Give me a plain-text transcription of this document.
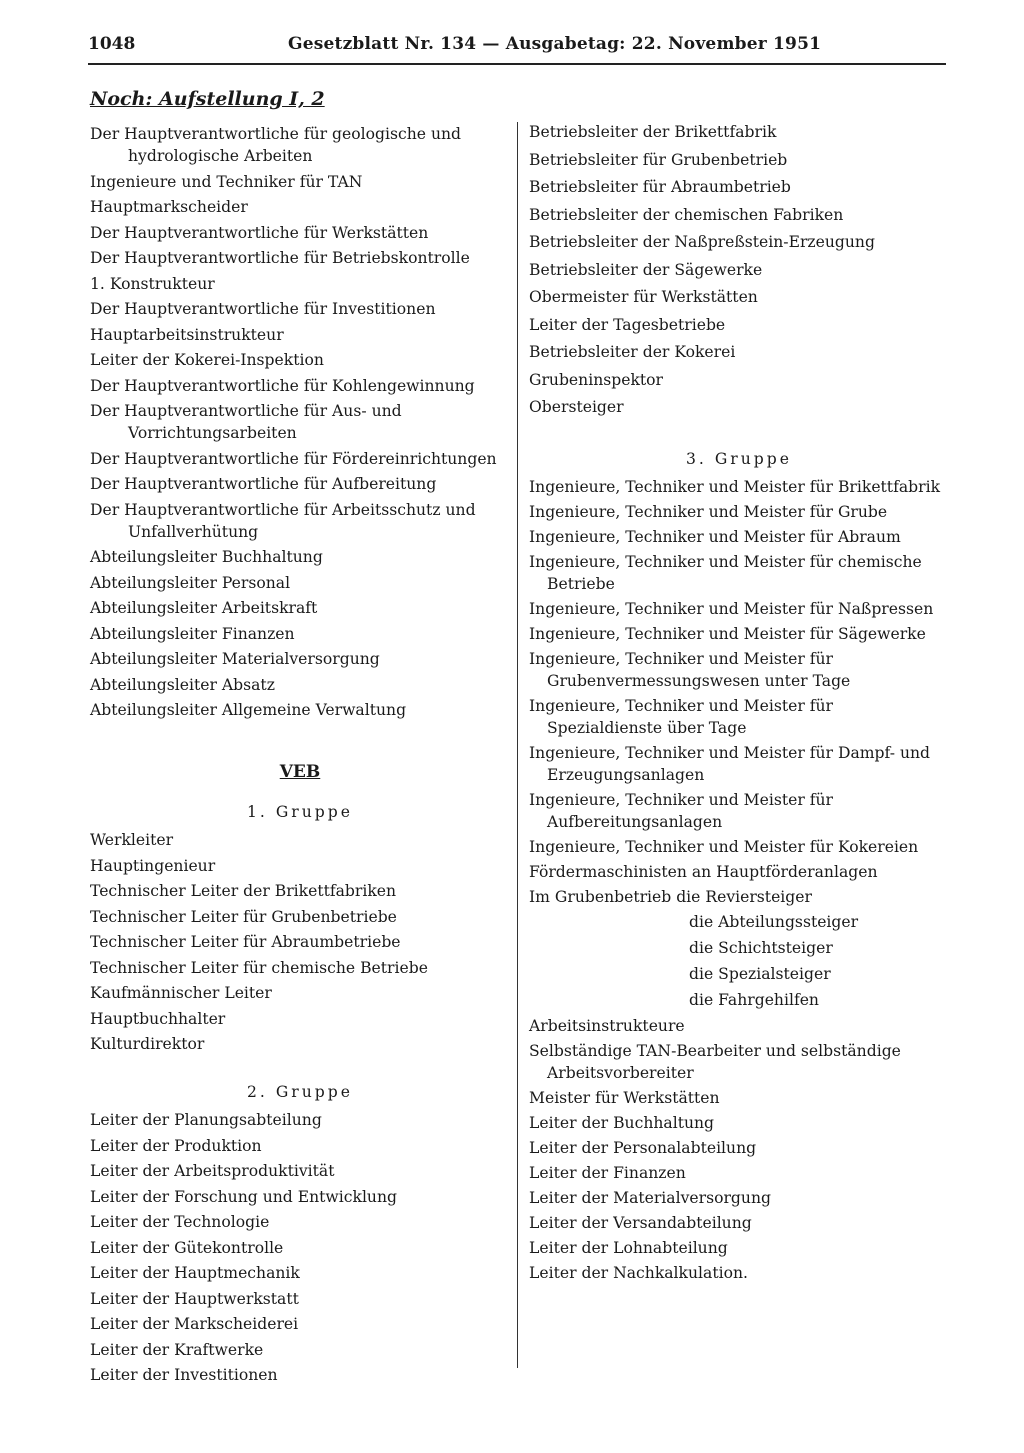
1048	Gesetzblatt Nr. 134 — Ausgabetag: 22. November 1951
Noch: Aufstellung I, 2
Der Hauptverantwortliche für geologische und hydrologische Arbeiten
Ingenieure und Techniker für TAN
Hauptmarkscheider
Der Hauptverantwortliche für Werkstätten
Der Hauptverantwortliche für Betriebskontrolle
1. Konstrukteur
Der Hauptverantwortliche für Investitionen
Hauptarbeitsinstrukteur
Leiter der Kokerei-Inspektion
Der Hauptverantwortliche für Kohlengewinnung
Der Hauptverantwortliche für Aus- und Vorrichtungsarbeiten
Der Hauptverantwortliche für Fördereinrichtungen
Der Hauptverantwortliche für Aufbereitung
Der Hauptverantwortliche für Arbeitsschutz und Unfallverhütung
Abteilungsleiter Buchhaltung
Abteilungsleiter Personal
Abteilungsleiter Arbeitskraft
Abteilungsleiter Finanzen
Abteilungsleiter Materialversorgung
Abteilungsleiter Absatz
Abteilungsleiter Allgemeine Verwaltung
VEB
1. Gruppe
Werkleiter
Hauptingenieur
Technischer Leiter der Brikettfabriken
Technischer Leiter für Grubenbetriebe
Technischer Leiter für Abraumbetriebe
Technischer Leiter für chemische Betriebe
Kaufmännischer Leiter
Hauptbuchhalter
Kulturdirektor
2. Gruppe
Leiter der Planungsabteilung
Leiter der Produktion
Leiter der Arbeitsproduktivität
Leiter der Forschung und Entwicklung
Leiter der Technologie
Leiter der Gütekontrolle
Leiter der Hauptmechanik
Leiter der Hauptwerkstatt
Leiter der Markscheiderei
Leiter der Kraftwerke
Leiter der Investitionen
Betriebsleiter der Brikettfabrik
Betriebsleiter für Grubenbetrieb
Betriebsleiter für Abraumbetrieb
Betriebsleiter der chemischen Fabriken
Betriebsleiter der Naßpreßstein-Erzeugung
Betriebsleiter der Sägewerke
Obermeister für Werkstätten
Leiter der Tagesbetriebe
Betriebsleiter der Kokerei
Grubeninspektor
Obersteiger
3. Gruppe
Ingenieure, Techniker und Meister für Brikettfabrik
Ingenieure, Techniker und Meister für Grube
Ingenieure, Techniker und Meister für Abraum
Ingenieure, Techniker und Meister für chemische Betriebe
Ingenieure, Techniker und Meister für Naßpressen
Ingenieure, Techniker und Meister für Sägewerke
Ingenieure, Techniker und Meister für Grubenvermessungswesen unter Tage
Ingenieure, Techniker und Meister für Spezialdienste über Tage
Ingenieure, Techniker und Meister für Dampf- und Erzeugungsanlagen
Ingenieure, Techniker und Meister für Aufbereitungsanlagen
Ingenieure, Techniker und Meister für Kokereien
Fördermaschinisten an Hauptförderanlagen
Im Grubenbetrieb die Reviersteiger
die Abteilungssteiger
die Schichtsteiger
die Spezialsteiger
die Fahrgehilfen
Arbeitsinstrukteure
Selbständige TAN-Bearbeiter und selbständige Arbeitsvorbereiter
Meister für Werkstätten
Leiter der Buchhaltung
Leiter der Personalabteilung
Leiter der Finanzen
Leiter der Materialversorgung
Leiter der Versandabteilung
Leiter der Lohnabteilung
Leiter der Nachkalkulation.
